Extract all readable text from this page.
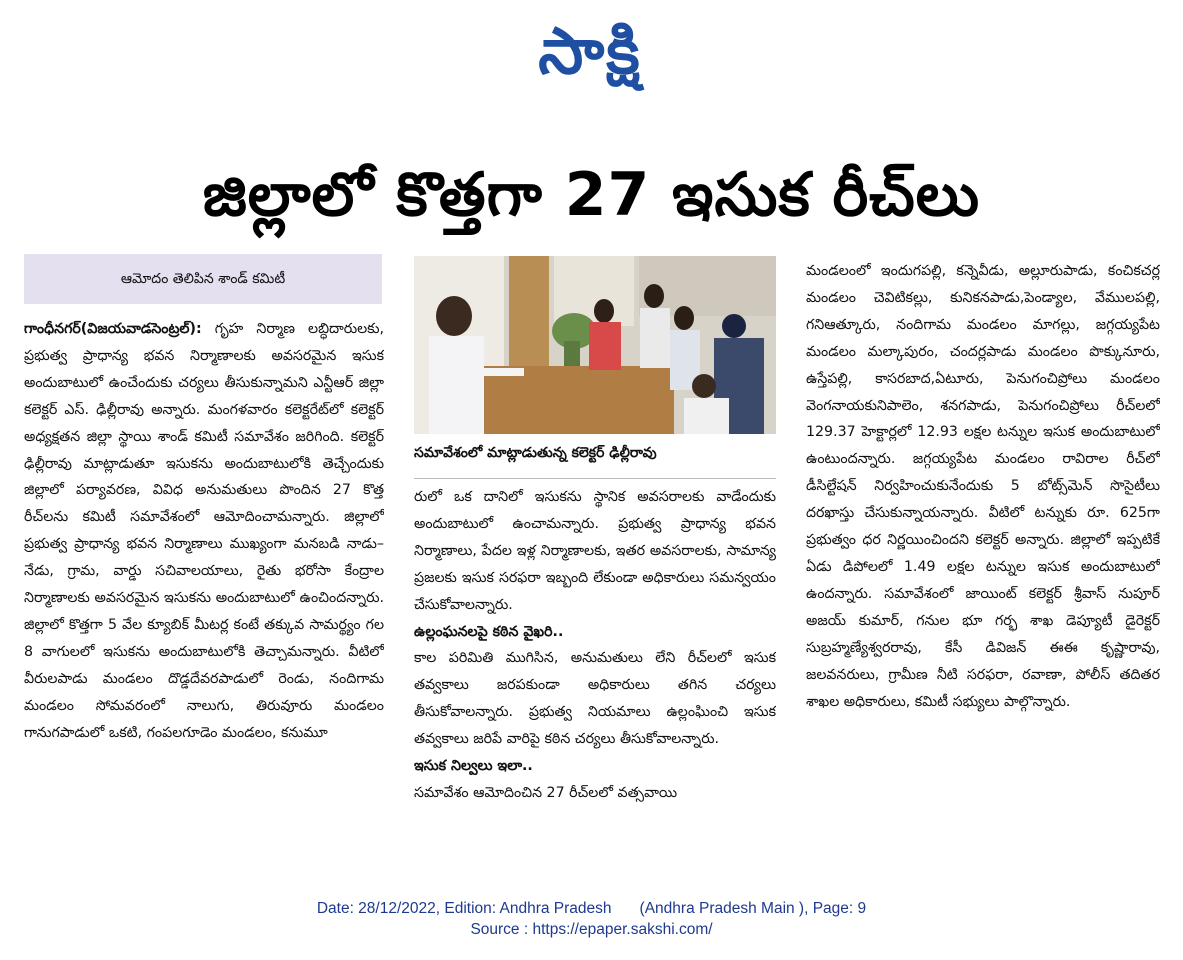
సాక్షి
జిల్లాలో కొత్తగా 27 ఇసుక రీచ్‌లు
ఆమోదం తెలిపిన శాండ్‌ కమిటీ

గాంధీనగర్‌(విజయవాడసెంట్రల్‌): గృహ నిర్మాణ లబ్ధిదారులకు, ప్రభుత్వ ప్రాధాన్య భవన నిర్మాణాలకు అవసరమైన ఇసుక అందుబాటులో ఉంచేందుకు చర్యలు తీసుకున్నామని ఎన్టీఆర్‌ జిల్లా కలెక్టర్‌ ఎస్‌. ఢిల్లీరావు అన్నారు. మంగళవారం కలెక్టరేట్‌లో కలెక్టర్‌ అధ్యక్షతన జిల్లా స్థాయి శాండ్‌ కమిటీ సమావేశం జరిగింది. కలెక్టర్‌ ఢిల్లీరావు మాట్లాడుతూ ఇసుకను అందుబాటులోకి తెచ్చేందుకు జిల్లాలో పర్యావరణ, వివిధ అనుమతులు పొందిన 27 కొత్త రీచ్‌లను కమిటీ సమావేశంలో ఆమోదించామన్నారు. జిల్లాలో ప్రభుత్వ ప్రాధాన్య భవన నిర్మాణాలు ముఖ్యంగా మనబడి నాడు–నేడు, గ్రామ, వార్డు సచివాలయాలు, రైతు భరోసా కేంద్రాల నిర్మాణాలకు అవసరమైన ఇసుకను అందుబాటులో ఉంచిందన్నారు. జిల్లాలో కొత్తగా 5 వేల క్యూబిక్‌ మీటర్ల కంటే తక్కువ సామర్థ్యం గల 8 వాగులలో ఇసుకను అందుబాటులోకి తెచ్చామన్నారు. వీటిలో వీరులపాడు మండలం దొడ్డదేవరపాడులో రెండు, నందిగామ మండలం సోమవరంలో నాలుగు, తిరువూరు మండలం గానుగపాడులో ఒకటి, గంపలగూడెం మండలం, కనుమూ

సమావేశంలో మాట్లాడుతున్న కలెక్టర్‌ ఢిల్లీరావు

రులో ఒక దానిలో ఇసుకను స్థానిక అవసరాలకు వాడేందుకు అందుబాటులో ఉంచామన్నారు. ప్రభుత్వ ప్రాధాన్య భవన నిర్మాణాలు, పేదల ఇళ్ల నిర్మాణాలకు, ఇతర అవసరాలకు, సామాన్య ప్రజలకు ఇసుక సరఫరా ఇబ్బంది లేకుండా అధికారులు సమన్వయం చేసుకోవాలన్నారు.

ఉల్లంఘనలపై కఠిన వైఖరి..

కాల పరిమితి ముగిసిన, అనుమతులు లేని రీచ్‌లలో ఇసుక తవ్వకాలు జరపకుండా అధికారులు తగిన చర్యలు తీసుకోవాలన్నారు. ప్రభుత్వ నియమాలు ఉల్లంఘించి ఇసుక తవ్వకాలు జరిపే వారిపై కఠిన చర్యలు తీసుకోవాలన్నారు.

ఇసుక నిల్వలు ఇలా..

సమావేశం ఆమోదించిన 27 రీచ్‌లలో వత్సవాయి

మండలంలో ఇందుగపల్లి, కన్నెవీడు, అల్లూరుపాడు, కంచికచర్ల మండలం చెవిటికల్లు, కునికనపాడు,పెండ్యాల, వేములపల్లి, గనిఆత్కూరు, నందిగామ మండలం మాగల్లు, జగ్గయ్యపేట మండలం మల్కాపురం, చందర్లపాడు మండలం పొక్కునూరు, ఉస్తేపల్లి, కాసరబాద,ఏటూరు, పెనుగంచిప్రోలు మండలం వెంగనాయకునిపాలెం, శనగపాడు, పెనుగంచిప్రోలు రీచ్‌లలో 129.37 హెక్టార్లలో 12.93 లక్షల టన్నుల ఇసుక అందుబాటులో ఉంటుందన్నారు. జగ్గయ్యపేట మండలం రావిరాల రీచ్‌లో డీసిల్టేషన్‌ నిర్వహించుకునేందుకు 5 బోట్స్‌మెన్‌ సొసైటీలు దరఖాస్తు చేసుకున్నాయన్నారు. వీటిలో టన్నుకు రూ. 625గా ప్రభుత్వం ధర నిర్ణయించిందని కలెక్టర్‌ అన్నారు. జిల్లాలో ఇప్పటికే ఏడు డిపోలలో 1.49 లక్షల టన్నుల ఇసుక అందుబాటులో ఉందన్నారు. సమావేశంలో జాయింట్‌ కలెక్టర్‌ శ్రీవాస్‌ నుపూర్‌ అజయ్‌ కుమార్‌, గనుల భూ గర్భ శాఖ డెప్యూటీ డైరెక్టర్‌ సుబ్రహ్మణ్యేశ్వరరావు, కేసీ డివిజన్‌ ఈఈ కృష్ణారావు, జలవనరులు, గ్రామీణ నీటి సరఫరా, రవాణా, పోలీస్‌ తదితర శాఖల అధికారులు, కమిటీ సభ్యులు పాల్గొన్నారు.

Date: 28/12/2022, Edition: Andhra Pradesh (Andhra Pradesh Main ), Page: 9
Source : https://epaper.sakshi.com/
